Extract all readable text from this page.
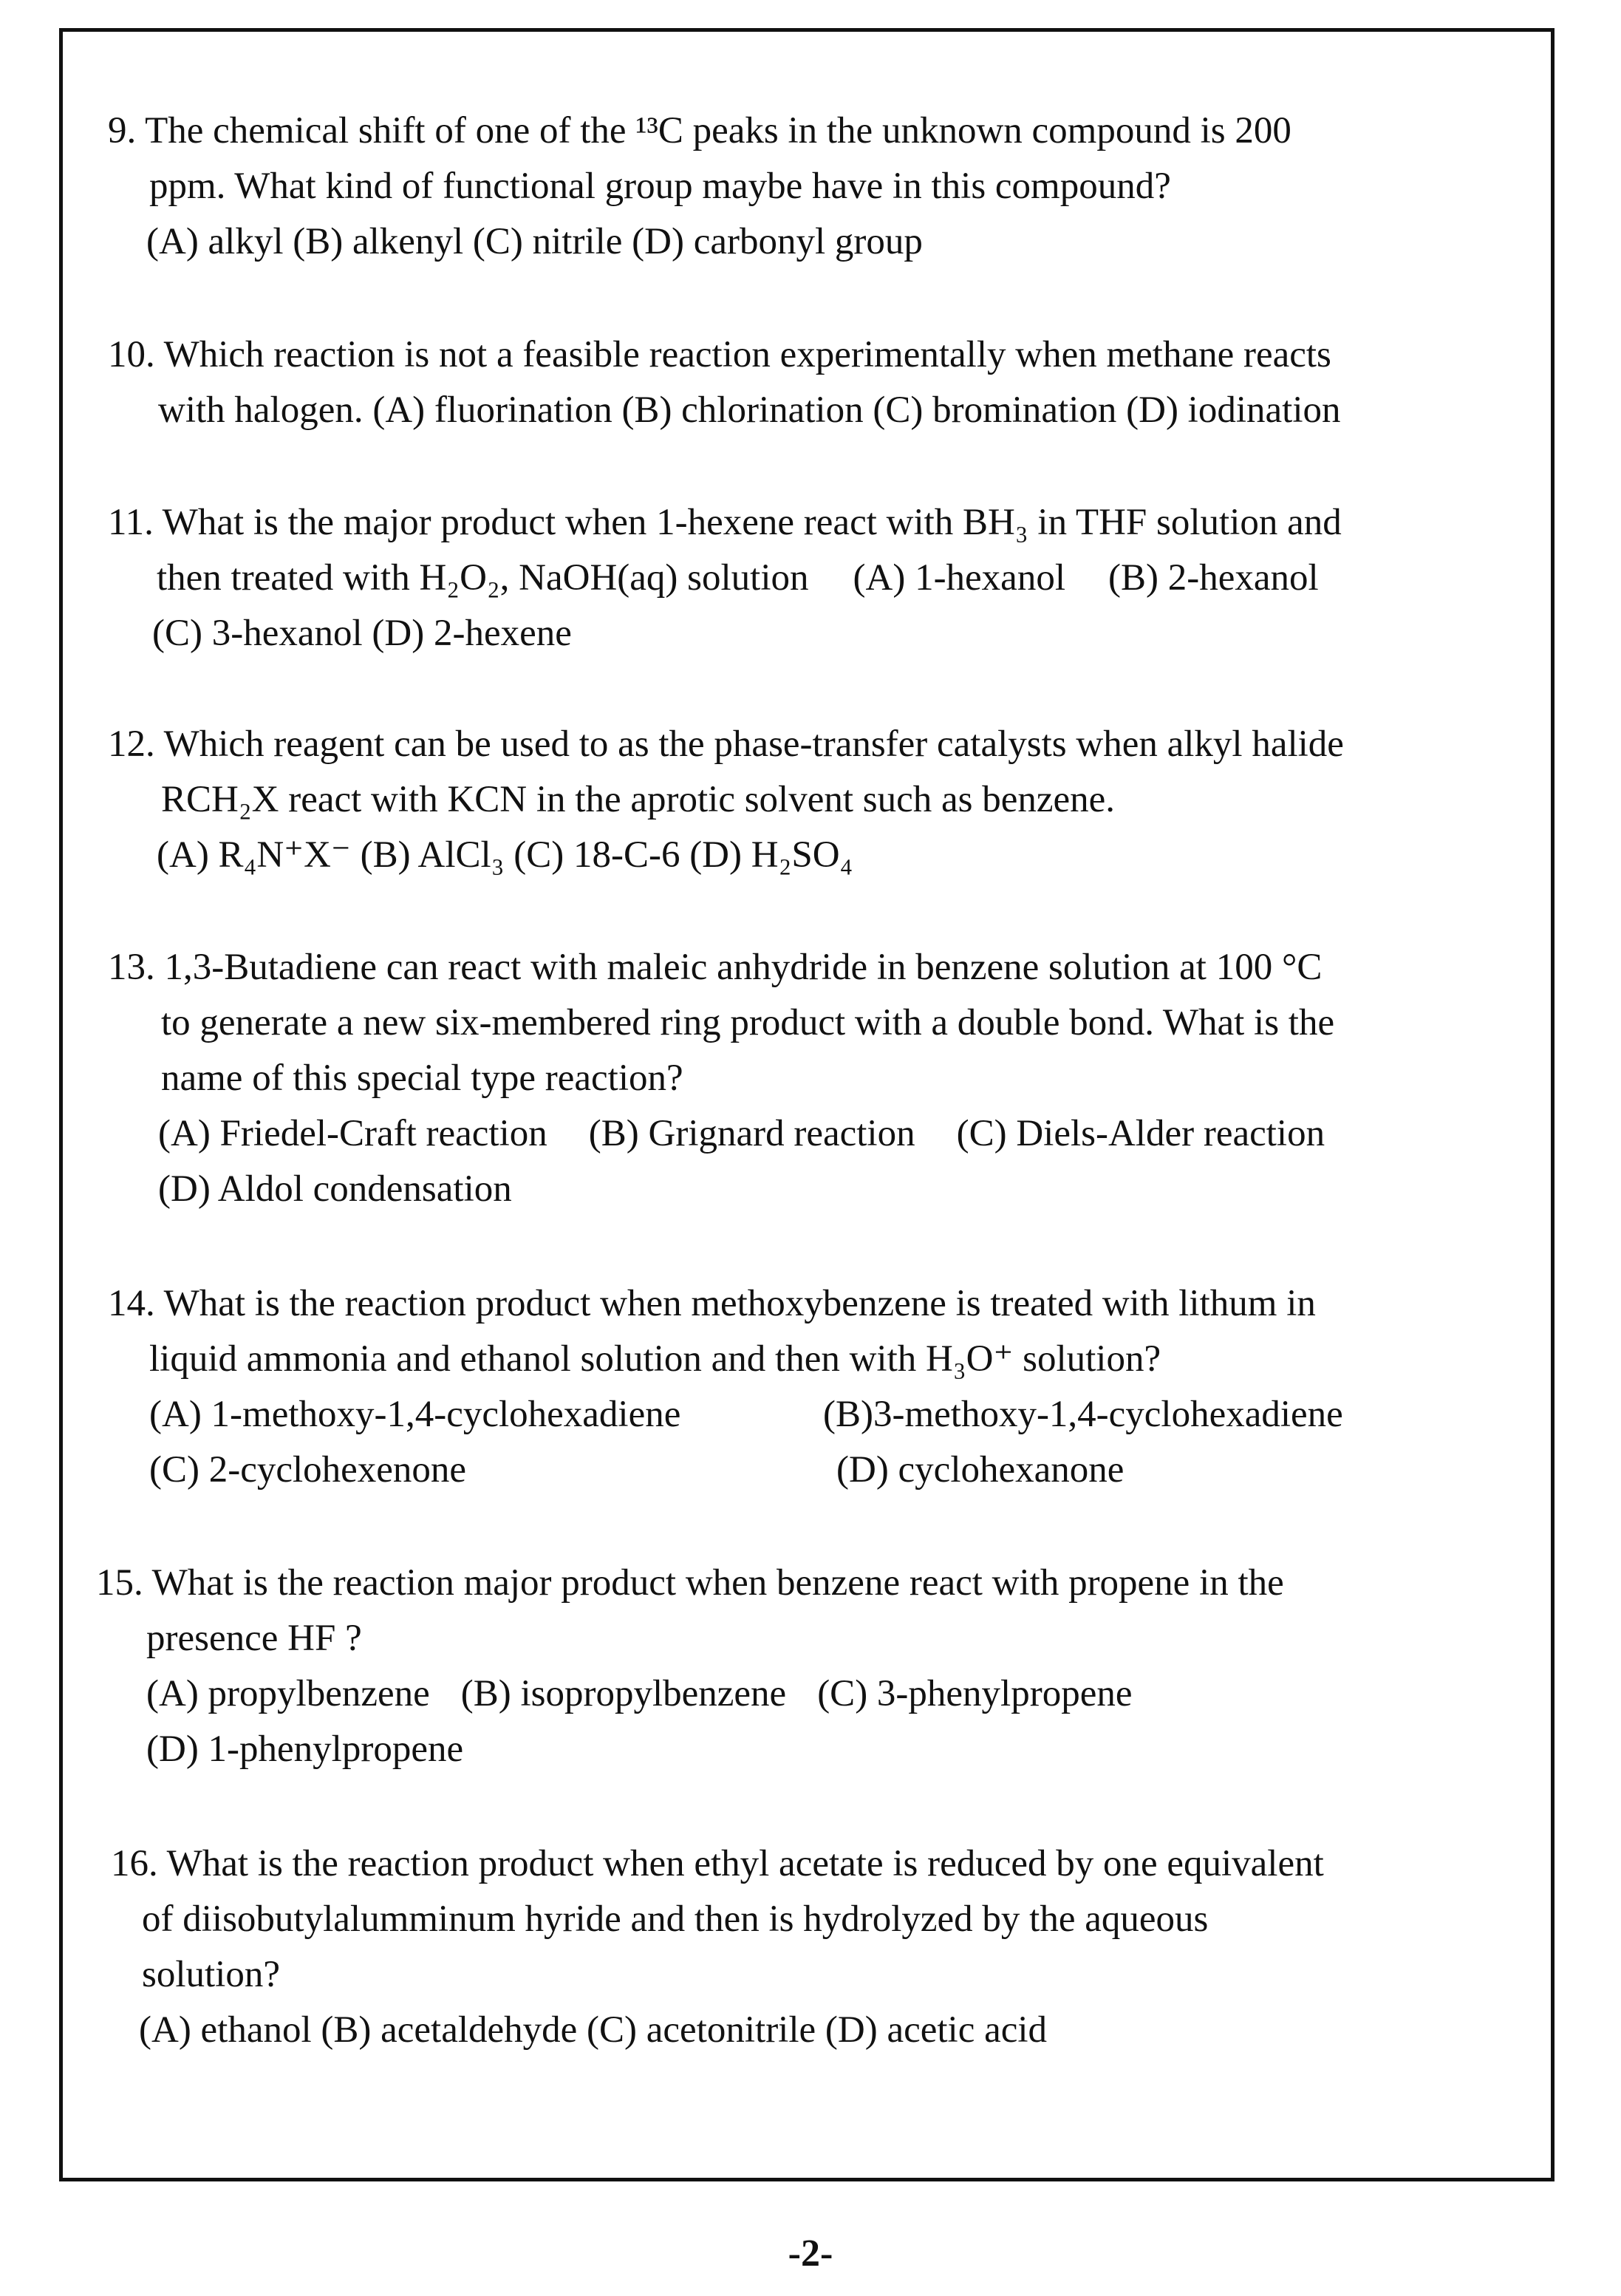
9. The chemical shift of one of the ¹³C peaks in the unknown compound is 200
ppm. What kind of functional group maybe have in this compound?
(A) alkyl (B) alkenyl (C) nitrile (D) carbonyl group
10. Which reaction is not a feasible reaction experimentally when methane reacts
with halogen. (A) fluorination (B) chlorination (C) bromination (D) iodination
11. What is the major product when 1-hexene react with BH₃ in THF solution and
then treated with H₂O₂, NaOH(aq) solution (A) 1-hexanol (B) 2-hexanol
(C) 3-hexanol (D) 2-hexene
12. Which reagent can be used to as the phase-transfer catalysts when alkyl halide
RCH₂X react with KCN in the aprotic solvent such as benzene.
(A) R₄N⁺X⁻ (B) AlCl₃ (C) 18-C-6 (D) H₂SO₄
13. 1,3-Butadiene can react with maleic anhydride in benzene solution at 100 °C
to generate a new six-membered ring product with a double bond. What is the
name of this special type reaction?
(A) Friedel-Craft reaction (B) Grignard reaction (C) Diels-Alder reaction
(D) Aldol condensation
14. What is the reaction product when methoxybenzene is treated with lithum in
liquid ammonia and ethanol solution and then with H₃O⁺ solution?
(A) 1-methoxy-1,4-cyclohexadiene	(B)3-methoxy-1,4-cyclohexadiene
(C) 2-cyclohexenone	(D) cyclohexanone
15. What is the reaction major product when benzene react with propene in the
presence HF ?
(A) propylbenzene (B) isopropylbenzene (C) 3-phenylpropene
(D) 1-phenylpropene
16. What is the reaction product when ethyl acetate is reduced by one equivalent
of diisobutylalumminum hyride and then is hydrolyzed by the aqueous
solution?
(A) ethanol (B) acetaldehyde (C) acetonitrile (D) acetic acid
-2-
